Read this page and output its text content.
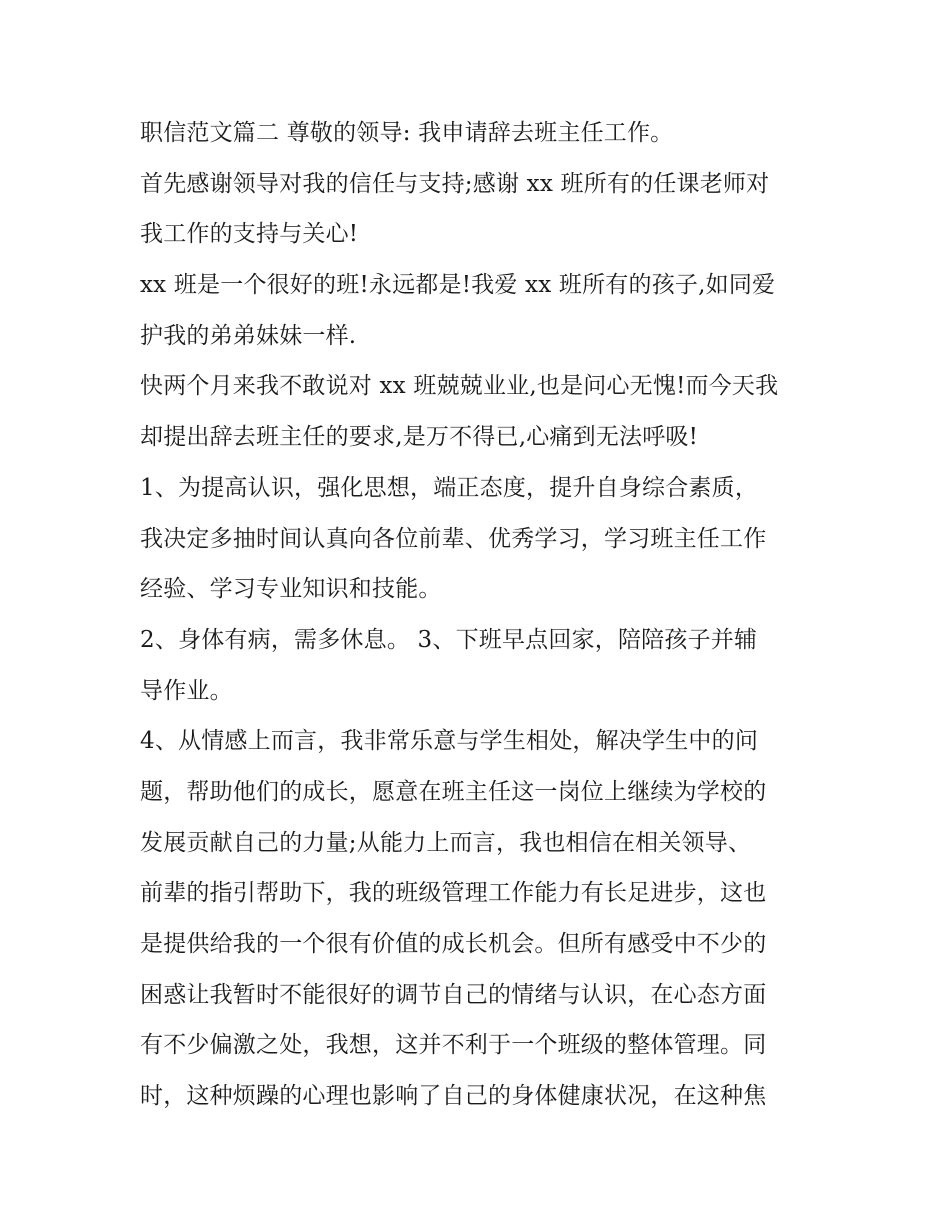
职信范文篇二 尊敬的领导: 我申请辞去班主任工作。
首先感谢领导对我的信任与支持;感谢 xx 班所有的任课老师对
我工作的支持与关心!
xx 班是一个很好的班!永远都是!我爱 xx 班所有的孩子,如同爱
护我的弟弟妹妹一样.
快两个月来我不敢说对 xx 班兢兢业业,也是问心无愧!而今天我
却提出辞去班主任的要求,是万不得已,心痛到无法呼吸!
1、为提高认识，强化思想，端正态度，提升自身综合素质，
我决定多抽时间认真向各位前辈、优秀学习，学习班主任工作
经验、学习专业知识和技能。
2、身体有病，需多休息。 3、下班早点回家，陪陪孩子并辅
导作业。
4、从情感上而言，我非常乐意与学生相处，解决学生中的问
题，帮助他们的成长，愿意在班主任这一岗位上继续为学校的
发展贡献自己的力量;从能力上而言，我也相信在相关领导、
前辈的指引帮助下，我的班级管理工作能力有长足进步，这也
是提供给我的一个很有价值的成长机会。但所有感受中不少的
困惑让我暂时不能很好的调节自己的情绪与认识，在心态方面
有不少偏激之处，我想，这并不利于一个班级的整体管理。同
时，这种烦躁的心理也影响了自己的身体健康状况，在这种焦
